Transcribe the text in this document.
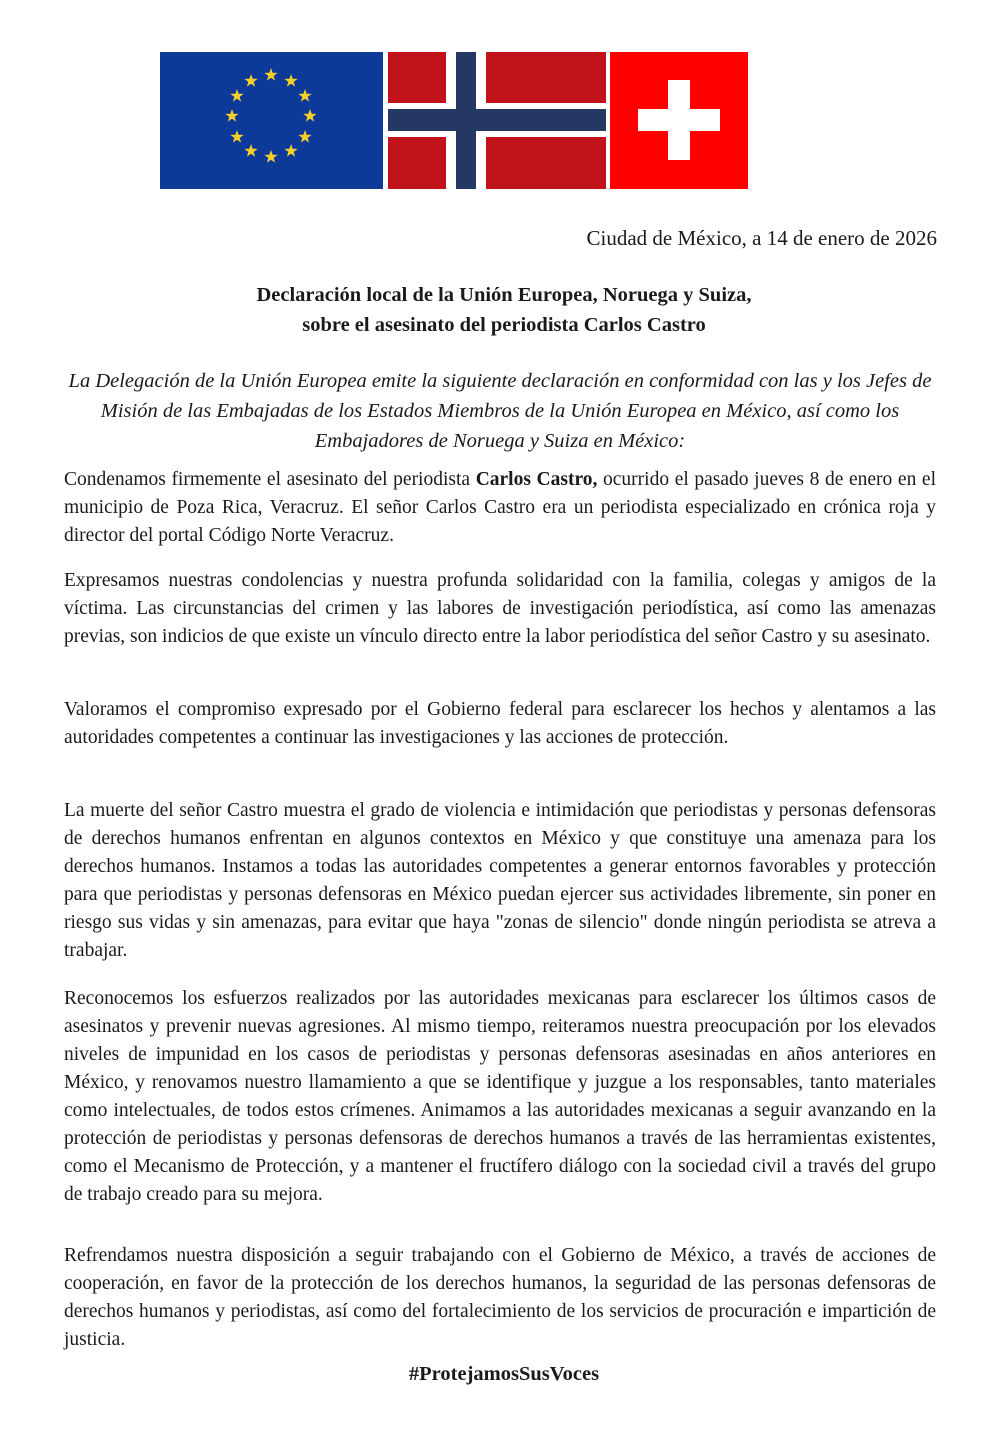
Ciudad de México, a 14 de enero de 2026
Declaración local de la Unión Europea, Noruega y Suiza,
sobre el asesinato del periodista Carlos Castro
La Delegación de la Unión Europea emite la siguiente declaración en conformidad con las y los Jefes de Misión de las Embajadas de los Estados Miembros de la Unión Europea en México, así como los Embajadores de Noruega y Suiza en México:
Condenamos firmemente el asesinato del periodista Carlos Castro, ocurrido el pasado jueves 8 de enero en el municipio de Poza Rica, Veracruz. El señor Carlos Castro era un periodista especializado en crónica roja y director del portal Código Norte Veracruz.
Expresamos nuestras condolencias y nuestra profunda solidaridad con la familia, colegas y amigos de la víctima. Las circunstancias del crimen y las labores de investigación periodística, así como las amenazas previas, son indicios de que existe un vínculo directo entre la labor periodística del señor Castro y su asesinato.
Valoramos el compromiso expresado por el Gobierno federal para esclarecer los hechos y alentamos a las autoridades competentes a continuar las investigaciones y las acciones de protección.
La muerte del señor Castro muestra el grado de violencia e intimidación que periodistas y personas defensoras de derechos humanos enfrentan en algunos contextos en México y que constituye una amenaza para los derechos humanos. Instamos a todas las autoridades competentes a generar entornos favorables y protección para que periodistas y personas defensoras en México puedan ejercer sus actividades libremente, sin poner en riesgo sus vidas y sin amenazas, para evitar que haya "zonas de silencio" donde ningún periodista se atreva a trabajar.
Reconocemos los esfuerzos realizados por las autoridades mexicanas para esclarecer los últimos casos de asesinatos y prevenir nuevas agresiones. Al mismo tiempo, reiteramos nuestra preocupación por los elevados niveles de impunidad en los casos de periodistas y personas defensoras asesinadas en años anteriores en México, y renovamos nuestro llamamiento a que se identifique y juzgue a los responsables, tanto materiales como intelectuales, de todos estos crímenes. Animamos a las autoridades mexicanas a seguir avanzando en la protección de periodistas y personas defensoras de derechos humanos a través de las herramientas existentes, como el Mecanismo de Protección, y a mantener el fructífero diálogo con la sociedad civil a través del grupo de trabajo creado para su mejora.
Refrendamos nuestra disposición a seguir trabajando con el Gobierno de México, a través de acciones de cooperación, en favor de la protección de los derechos humanos, la seguridad de las personas defensoras de derechos humanos y periodistas, así como del fortalecimiento de los servicios de procuración e impartición de justicia.
#ProtejamosSusVoces
